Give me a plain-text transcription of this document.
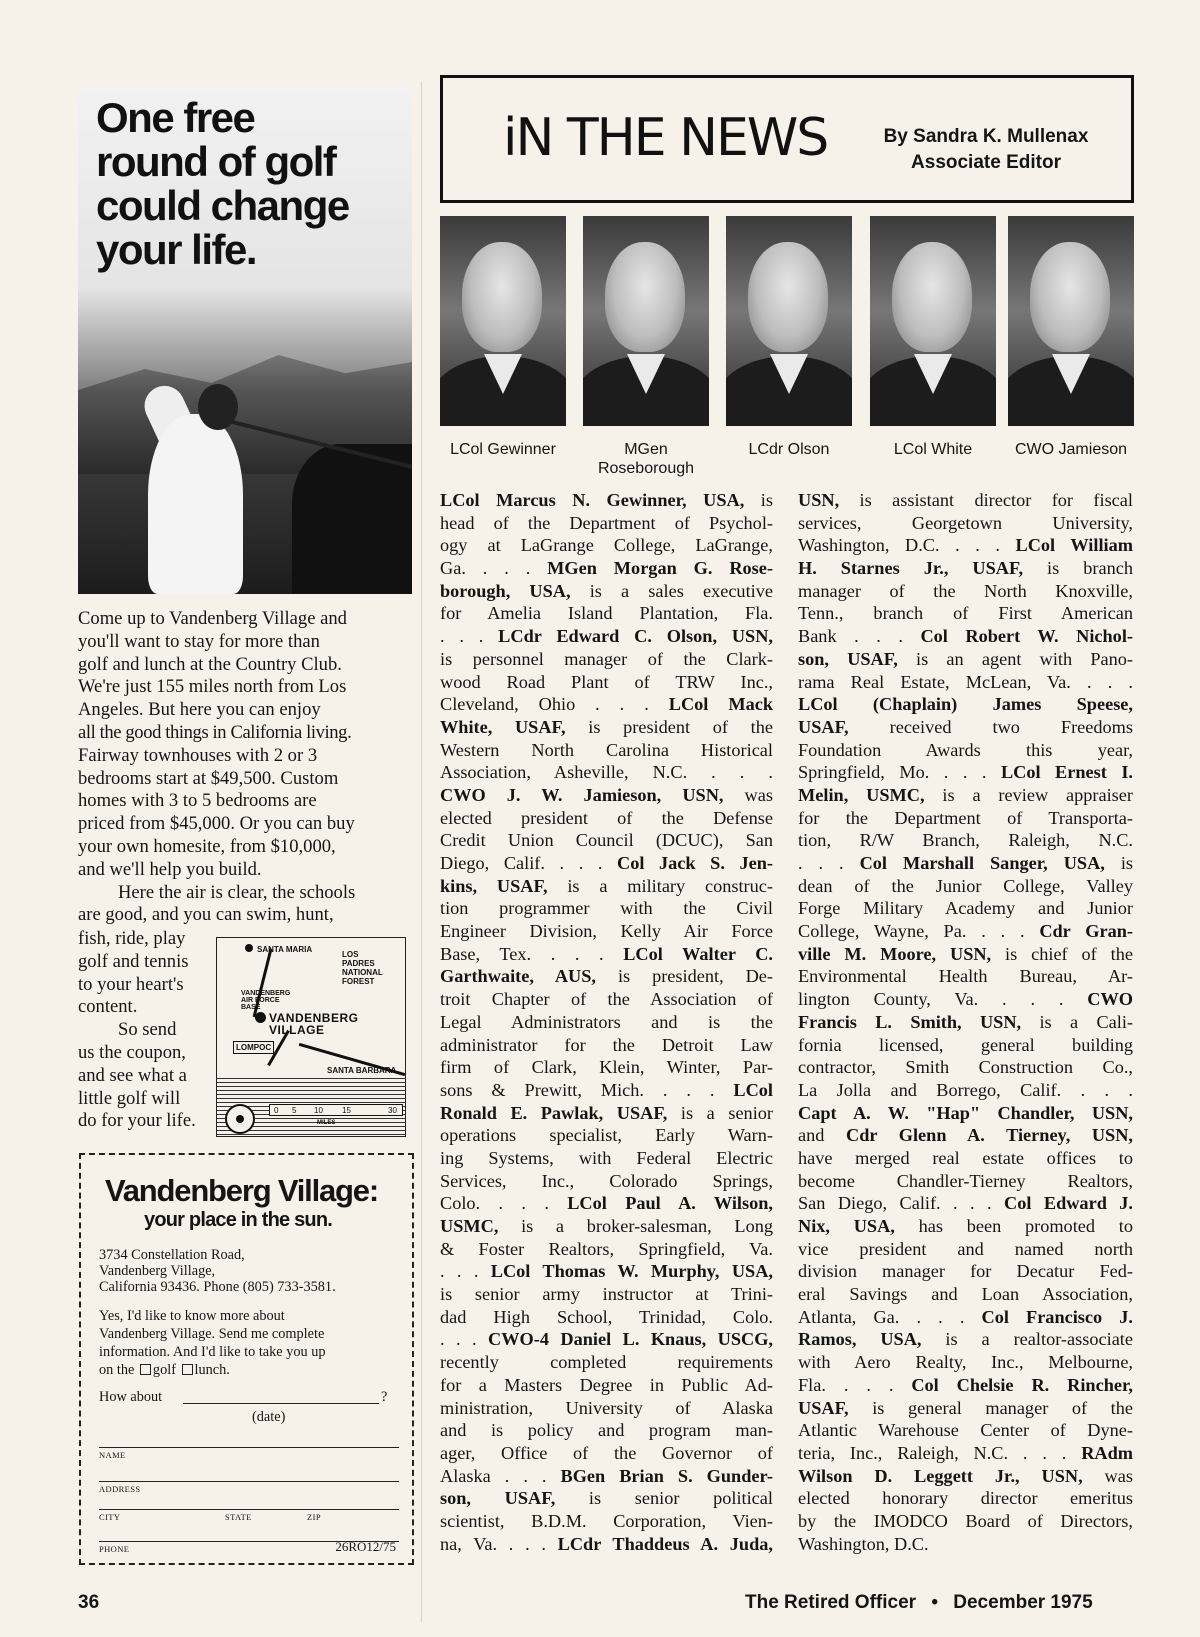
One free
round of golf
could change
your life.

Come up to Vandenberg Village and

you'll want to stay for more than

golf and lunch at the Country Club.

We're just 155 miles north from Los

Angeles. But here you can enjoy

all the good things in California living.

Fairway townhouses with 2 or 3

bedrooms start at $49,500. Custom

homes with 3 to 5 bedrooms are

priced from $45,000. Or you can buy

your own homesite, from $10,000,

and we'll help you build.

Here the air is clear, the schools

are good, and you can swim, hunt,

fish, ride, play
golf and tennis
to your heart's
content.
So send
us the coupon,
and see what a
little golf will
do for your life.
SANTA MARIA
LOS
PADRES
NATIONAL
FOREST
VANDENBERG
AIR FORCE
BASE
VANDENBERG
VILLAGE
LOMPOC
SANTA BARBARA
0 5 10 15	30
MILES
Vandenberg Village:
your place in the sun.
3734 Constellation Road,
Vandenberg Village,
California 93436. Phone (805) 733-3581.
Yes, I'd like to know more about
Vandenberg Village. Send me complete
information. And I'd like to take you up
on the golf lunch.
How about	?
(date)
NAME
ADDRESS
CITY	STATE	ZIP
PHONE	26RO12/75
36
iN THE NEWS	By Sandra K. Mullenax
Associate Editor
LCol Gewinner	MGen
Roseborough
LCdr Olson	LCol White	CWO Jamieson
LCol Marcus N. Gewinner, USA, is
head of the Department of Psychol-
ogy at LaGrange College, LaGrange,
Ga. . . . MGen Morgan G. Rose-
borough, USA, is a sales executive
for Amelia Island Plantation, Fla.
. . . LCdr Edward C. Olson, USN,
is personnel manager of the Clark-
wood Road Plant of TRW Inc.,
Cleveland, Ohio . . . LCol Mack
White, USAF, is president of the
Western North Carolina Historical
Association, Asheville, N.C. . . .
CWO J. W. Jamieson, USN, was
elected president of the Defense
Credit Union Council (DCUC), San
Diego, Calif. . . . Col Jack S. Jen-
kins, USAF, is a military construc-
tion programmer with the Civil
Engineer Division, Kelly Air Force
Base, Tex. . . . LCol Walter C.
Garthwaite, AUS, is president, De-
troit Chapter of the Association of
Legal Administrators and is the
administrator for the Detroit Law
firm of Clark, Klein, Winter, Par-
sons & Prewitt, Mich. . . . LCol
Ronald E. Pawlak, USAF, is a senior
operations specialist, Early Warn-
ing Systems, with Federal Electric
Services, Inc., Colorado Springs,
Colo. . . . LCol Paul A. Wilson,
USMC, is a broker-salesman, Long
& Foster Realtors, Springfield, Va.
. . . LCol Thomas W. Murphy, USA,
is senior army instructor at Trini-
dad High School, Trinidad, Colo.
. . . CWO-4 Daniel L. Knaus, USCG,
recently completed requirements
for a Masters Degree in Public Ad-
ministration, University of Alaska
and is policy and program man-
ager, Office of the Governor of
Alaska . . . BGen Brian S. Gunder-
son, USAF, is senior political
scientist, B.D.M. Corporation, Vien-
na, Va. . . . LCdr Thaddeus A. Juda,
USN, is assistant director for fiscal
services, Georgetown University,
Washington, D.C. . . . LCol William
H. Starnes Jr., USAF, is branch
manager of the North Knoxville,
Tenn., branch of First American
Bank . . . Col Robert W. Nichol-
son, USAF, is an agent with Pano-
rama Real Estate, McLean, Va. . . .
LCol (Chaplain) James Speese,
USAF, received two Freedoms
Foundation Awards this year,
Springfield, Mo. . . . LCol Ernest I.
Melin, USMC, is a review appraiser
for the Department of Transporta-
tion, R/W Branch, Raleigh, N.C.
. . . Col Marshall Sanger, USA, is
dean of the Junior College, Valley
Forge Military Academy and Junior
College, Wayne, Pa. . . . Cdr Gran-
ville M. Moore, USN, is chief of the
Environmental Health Bureau, Ar-
lington County, Va. . . . CWO
Francis L. Smith, USN, is a Cali-
fornia licensed, general building
contractor, Smith Construction Co.,
La Jolla and Borrego, Calif. . . .
Capt A. W. "Hap" Chandler, USN,
and Cdr Glenn A. Tierney, USN,
have merged real estate offices to
become Chandler-Tierney Realtors,
San Diego, Calif. . . . Col Edward J.
Nix, USA, has been promoted to
vice president and named north
division manager for Decatur Fed-
eral Savings and Loan Association,
Atlanta, Ga. . . . Col Francisco J.
Ramos, USA, is a realtor-associate
with Aero Realty, Inc., Melbourne,
Fla. . . . Col Chelsie R. Rincher,
USAF, is general manager of the
Atlantic Warehouse Center of Dyne-
teria, Inc., Raleigh, N.C. . . . RAdm
Wilson D. Leggett Jr., USN, was
elected honorary director emeritus
by the IMODCO Board of Directors,
Washington, D.C.
The Retired Officer • December 1975
